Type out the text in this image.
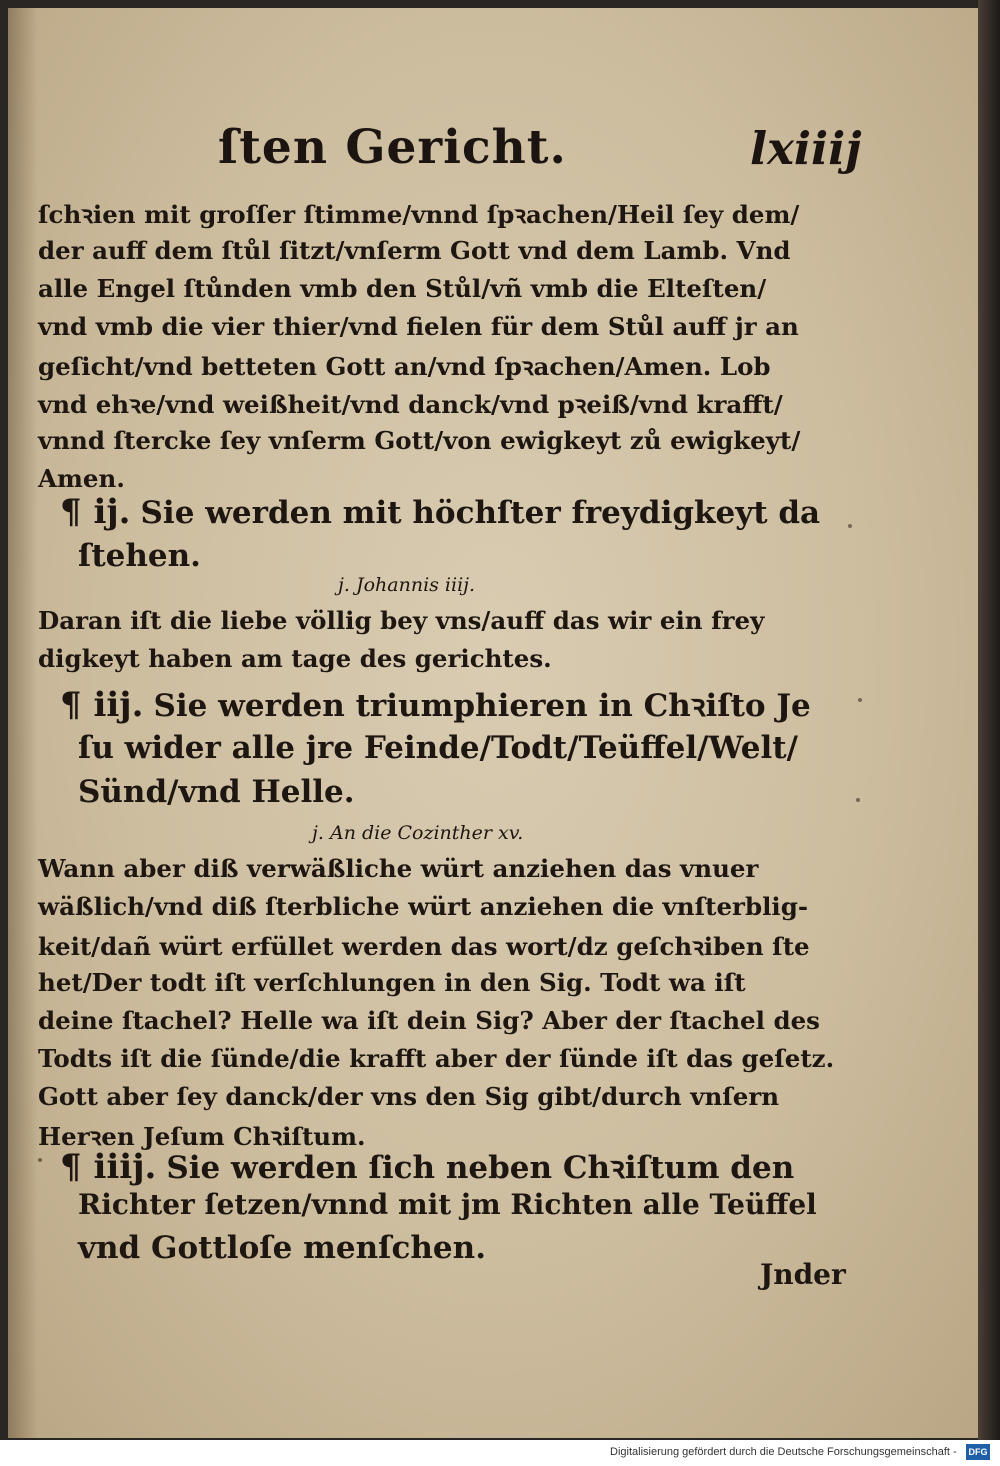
ſten Gericht.	lxiiij
ſchꝛien mit groſſer ſtimme/vnnd ſpꝛachen/Heil ſey dem/
der auff dem ſtůl ſitzt/vnſerm Gott vnd dem Lamb. Vnd
alle Engel ſtůnden vmb den Stůl/vñ vmb die Elteſten/
vnd vmb die vier thier/vnd fielen für dem Stůl auff jr an
geſicht/vnd betteten Gott an/vnd ſpꝛachen/Amen. Lob
vnd ehꝛe/vnd weißheit/vnd danck/vnd pꝛeiß/vnd krafft/
vnnd ſtercke ſey vnſerm Gott/von ewigkeyt zů ewigkeyt/
Amen.
¶ ij. Sie werden mit höchſter freydigkeyt da
ſtehen.
j. Johannis iiij.
Daran iſt die liebe völlig bey vns/auff das wir ein frey
digkeyt haben am tage des gerichtes.
¶ iij. Sie werden triumphieren in Chꝛiſto Je
ſu wider alle jre Feinde/Todt/Teüffel/Welt/
Sünd/vnd Helle.
j. An die Cozinther xv.
Wann aber diß verwäßliche würt anziehen das vnuer
wäßlich/vnd diß ſterbliche würt anziehen die vnſterblig-
keit/dañ würt erfüllet werden das wort/dz geſchꝛiben ſte
het/Der todt iſt verſchlungen in den Sig. Todt wa iſt
deine ſtachel? Helle wa iſt dein Sig? Aber der ſtachel des
Todts iſt die ſünde/die krafft aber der ſünde iſt das geſetz.
Gott aber ſey danck/der vns den Sig gibt/durch vnſern
Herꝛen Jeſum Chꝛiſtum.
¶ iiij. Sie werden ſich neben Chꝛiſtum den
Richter ſetzen/vnnd mit jm Richten alle Teüffel
vnd Gottloſe menſchen.
Jnder
Digitalisierung gefördert durch die Deutsche Forschungsgemeinschaft - DFG
